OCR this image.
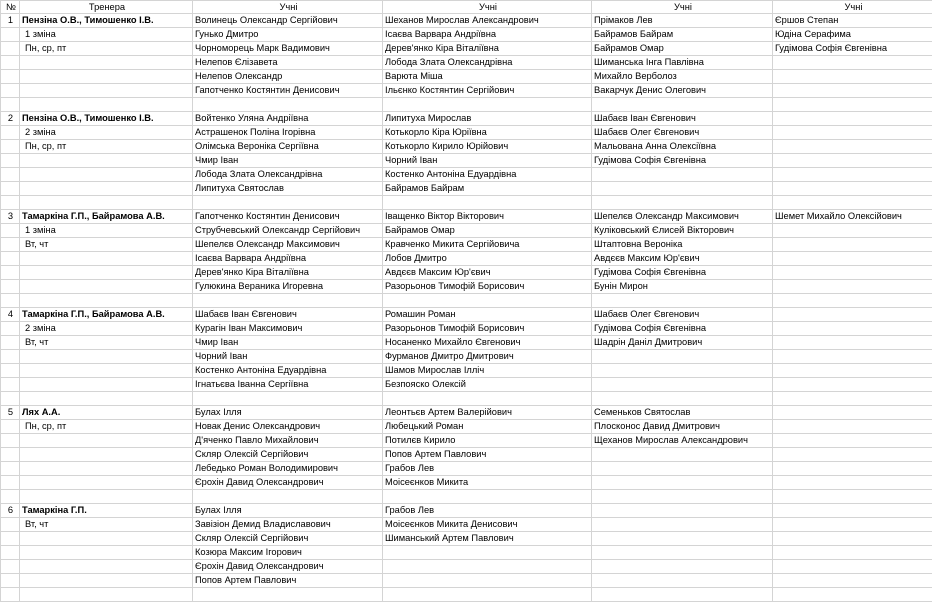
№	Тренера	Учні	Учні	Учні	Учні
1	Пензіна О.В., Тимошенко І.В.	Волинець Олександр Сергійович	Шеханов Мирослав Александрович	Прімаков Лев	Єршов Степан
	1 зміна	Гунько Дмитро	Ісаєва Варвара Андріївна	Байрамов Байрам	Юдіна Серафима
	Пн, ср, пт	Чорноморець Марк Вадимович	Дерев'янко Кіра Віталіївна	Байрамов Омар	Гудімова Софія Євгенівна
		Нелепов Єлізавета	Лобода Злата Олександрівна	Шиманська Інга Павлівна	
		Нелепов Олександр	Варюта Міша	Михайло Верболоз	
		Гапотченко Костянтин Денисович	Ільєнко Костянтин Сергійович	Вакарчук Денис Олегович	

2	Пензіна О.В., Тимошенко І.В.	Войтенко Уляна Андріївна	Липитуха Мирослав	Шабаєв Іван Євгенович	
	2 зміна	Астрашенок Поліна Ігорівна	Котькорло Кіра Юріївна	Шабаєв Олег Євгенович	
	Пн, ср, пт	Олімська Вероніка Сергіївна	Котькорло Кирило Юрійович	Мальована Анна Олексіївна	
		Чмир Іван	Чорний Іван	Гудімова Софія Євгенівна	
		Лобода Злата Олександрівна	Костенко Антоніна Едуардівна		
		Липитуха Святослав	Байрамов Байрам		

3	Тамаркіна Г.П., Байрамова А.В.	Гапотченко Костянтин Денисович	Іващенко Віктор Вікторович	Шепелєв Олександр Максимович	Шемет Михайло Олексійович
	1 зміна	Струбчевський Олександр Сергійович	Байрамов Омар	Куліковський Єлисей Вікторович	
	Вт, чт	Шепелєв Олександр Максимович	Кравченко Микита Сергійовича	Штаптовна Вероніка	
		Ісаєва Варвара Андріївна	Лобов Дмитро	Авдєєв Максим Юр'євич	
		Дерев'янко Кіра Віталіївна	Авдєєв Максим Юр'євич	Гудімова Софія Євгенівна	
		Гулюкина Вераника Игоревна	Разорьонов Тимофій Борисович	Бунін Мирон	

4	Тамаркіна Г.П., Байрамова А.В.	Шабаєв Іван Євгенович	Ромашин Роман	Шабаєв Олег Євгенович	
	2 зміна	Курагін Іван Максимович	Разорьонов Тимофій Борисович	Гудімова Софія Євгенівна	
	Вт, чт	Чмир Іван	Носаненко Михайло Євгенович	Шадрін Даніл Дмитрович	
		Чорний Іван	Фурманов Дмитро Дмитрович		
		Костенко Антоніна Едуардівна	Шамов Мирослав Ілліч		
		Ігнатьєва Іванна Сергіївна	Безпояско Олексій		

5	Лях А.А.	Булах Ілля	Леонтьєв Артем Валерійович	Семеньков Святослав	
	Пн, ср, пт	Новак Денис Олександрович	Любецький Роман	Плосконос Давид Дмитрович	
		Д'яченко Павло Михайлович	Потилєв Кирило	Щеханов Мирослав Александрович	
		Скляр Олексій Сергійович	Попов Артем Павлович		
		Лебедько Роман Володимирович	Грабов Лев		
		Єрохін Давид Олександрович	Моісеєнков Микита		

6	Тамаркіна Г.П.	Булах Ілля	Грабов Лев		
	Вт, чт	Завізіон Демид Владиславович	Моісеєнков Микита Денисович		
		Скляр Олексій Сергійович	Шиманський Артем Павлович		
		Козюра Максим Ігорович			
		Єрохін Давид Олександрович			
		Попов Артем Павлович			
